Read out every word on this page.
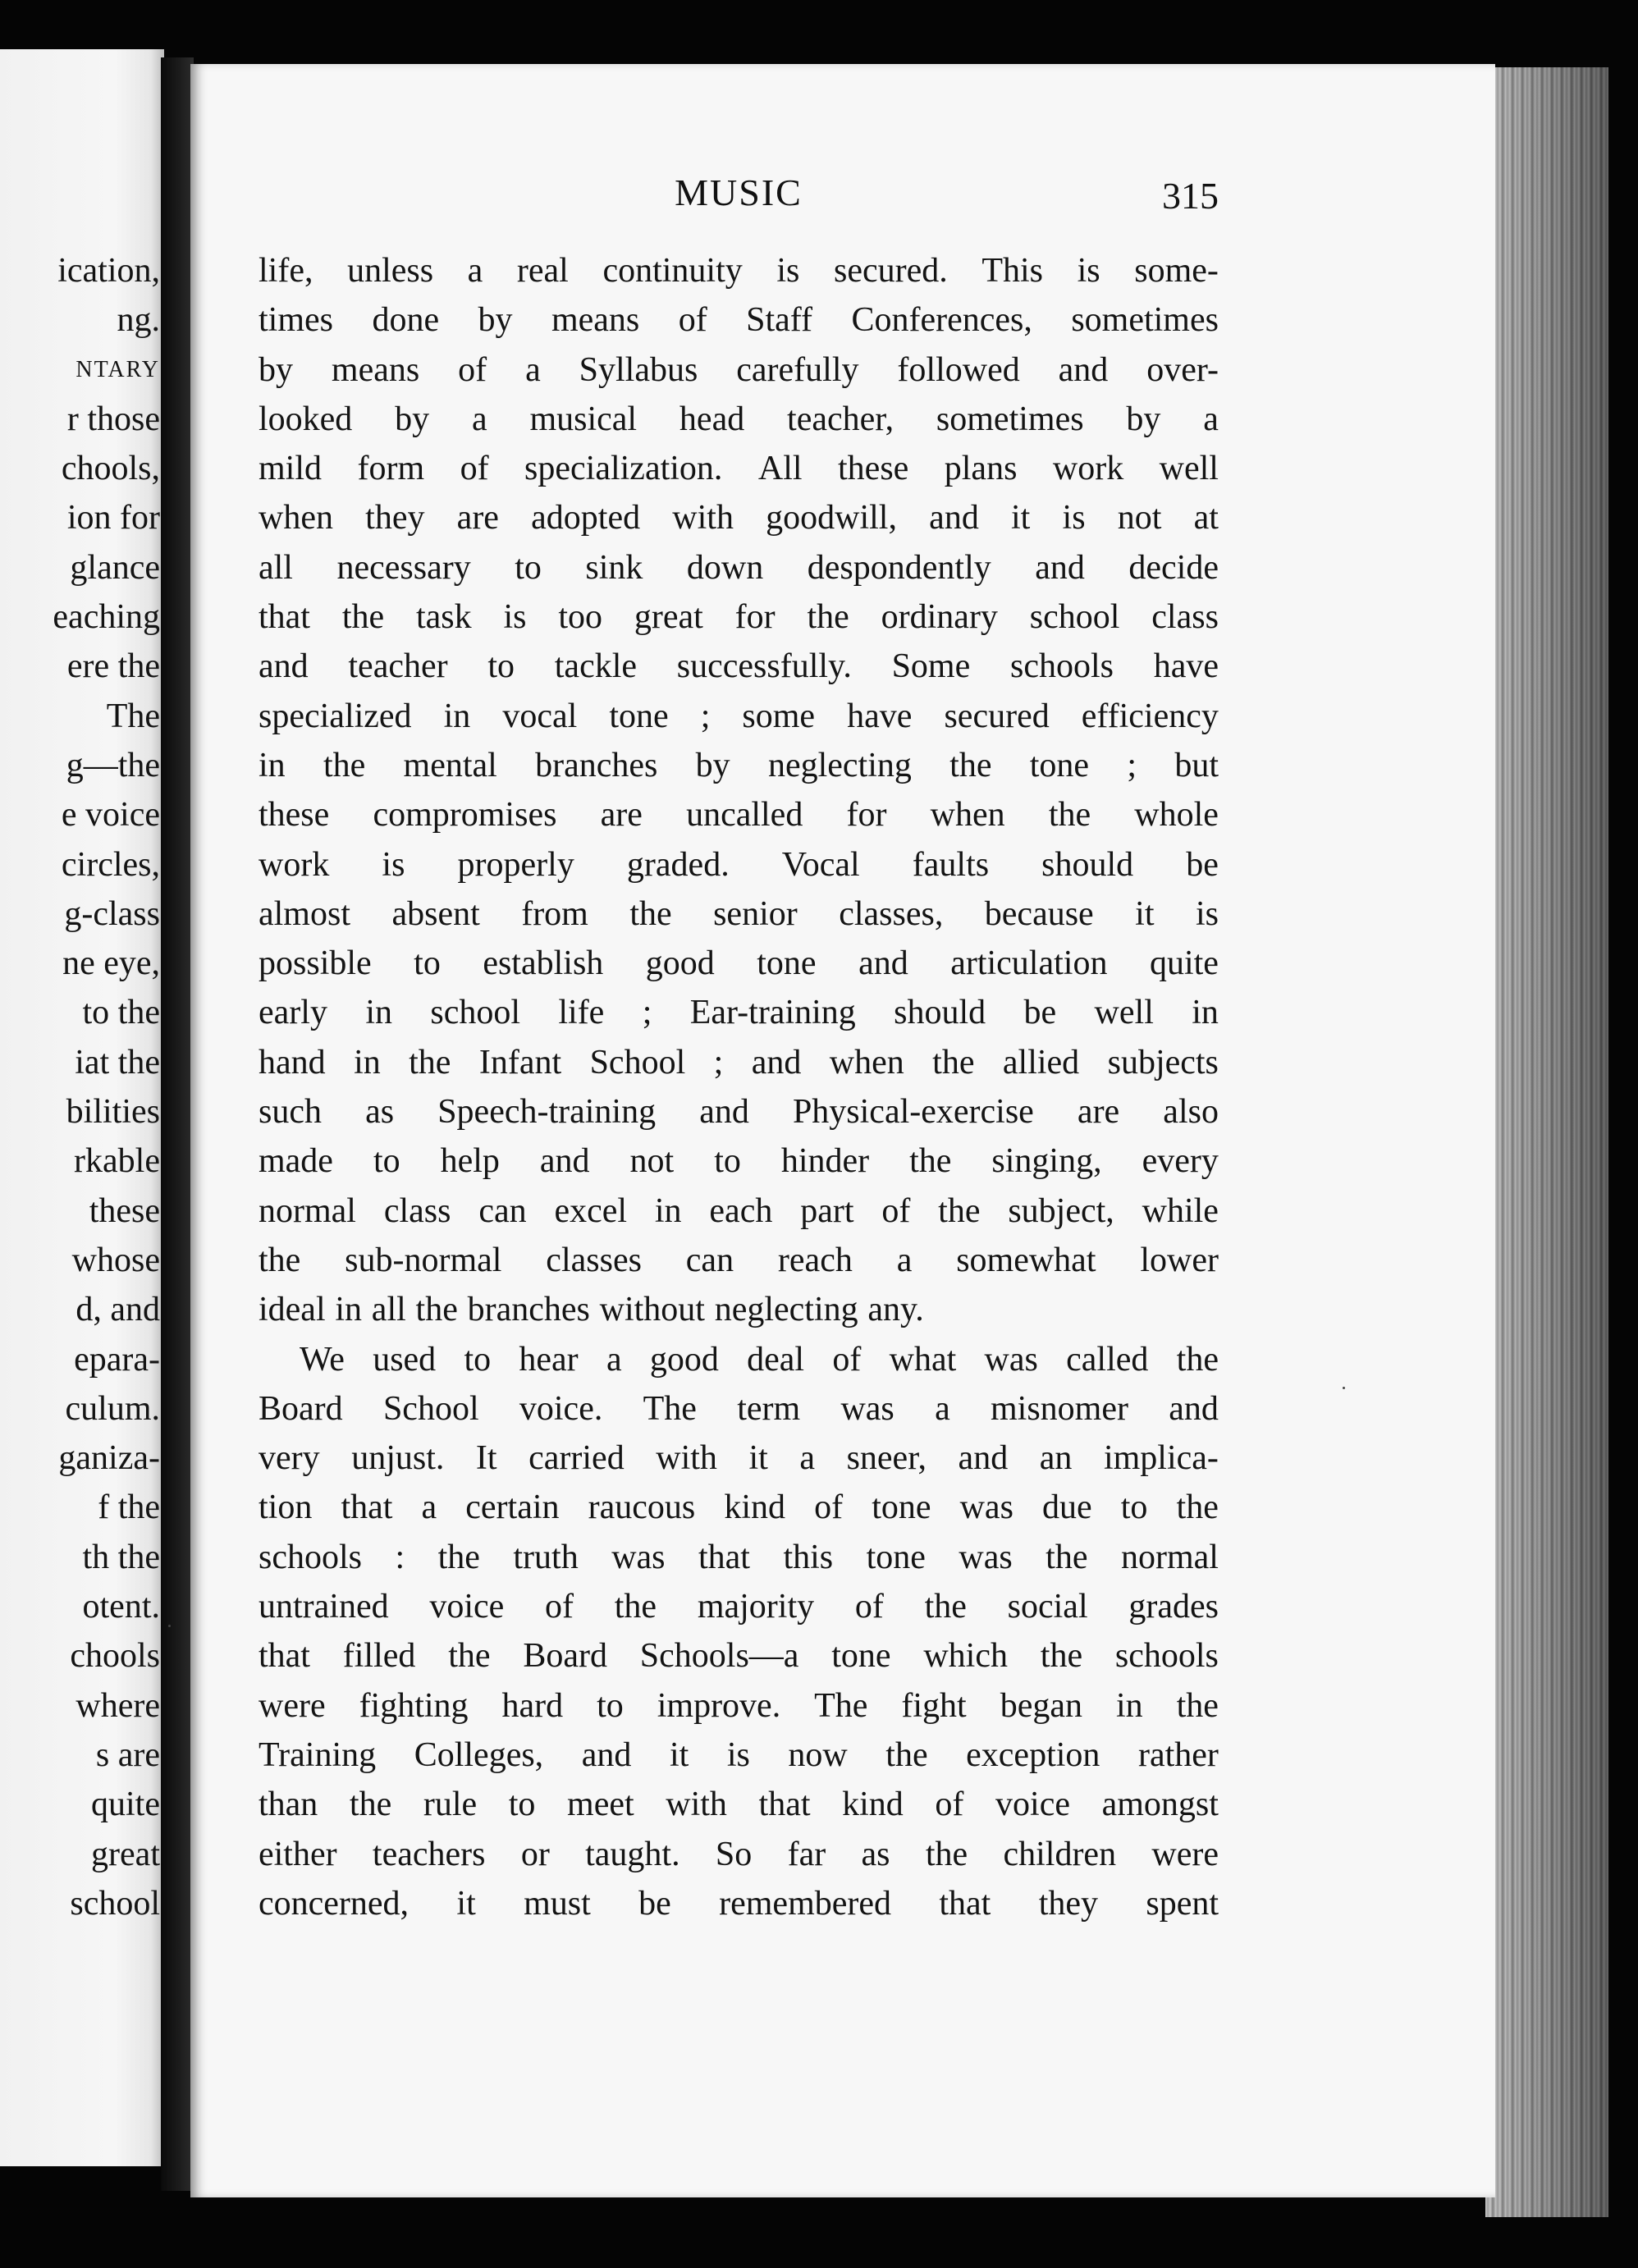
ication,
ng.
NTARY
r those
chools,
ion for
glance
eaching
ere the
The
g—the
e voice
circles,
g-class
ne eye,
to the
iat the
bilities
rkable
these
whose
d, and
epara-
culum.
ganiza-
f the
th the
otent.
chools
where
s are
quite
great
school
MUSIC	315
life, unless a real continuity is secured. This is some-
times done by means of Staff Conferences, sometimes
by means of a Syllabus carefully followed and over-
looked by a musical head teacher, sometimes by a
mild form of specialization. All these plans work well
when they are adopted with goodwill, and it is not at
all necessary to sink down despondently and decide
that the task is too great for the ordinary school class
and teacher to tackle successfully. Some schools have
specialized in vocal tone ; some have secured efficiency
in the mental branches by neglecting the tone ; but
these compromises are uncalled for when the whole
work is properly graded. Vocal faults should be
almost absent from the senior classes, because it is
possible to establish good tone and articulation quite
early in school life ; Ear-training should be well in
hand in the Infant School ; and when the allied subjects
such as Speech-training and Physical-exercise are also
made to help and not to hinder the singing, every
normal class can excel in each part of the subject, while
the sub-normal classes can reach a somewhat lower
ideal in all the branches without neglecting any.
We used to hear a good deal of what was called the
Board School voice. The term was a misnomer and
very unjust. It carried with it a sneer, and an implica-
tion that a certain raucous kind of tone was due to the
schools : the truth was that this tone was the normal
untrained voice of the majority of the social grades
that filled the Board Schools—a tone which the schools
were fighting hard to improve. The fight began in the
Training Colleges, and it is now the exception rather
than the rule to meet with that kind of voice amongst
either teachers or taught. So far as the children were
concerned, it must be remembered that they spent
